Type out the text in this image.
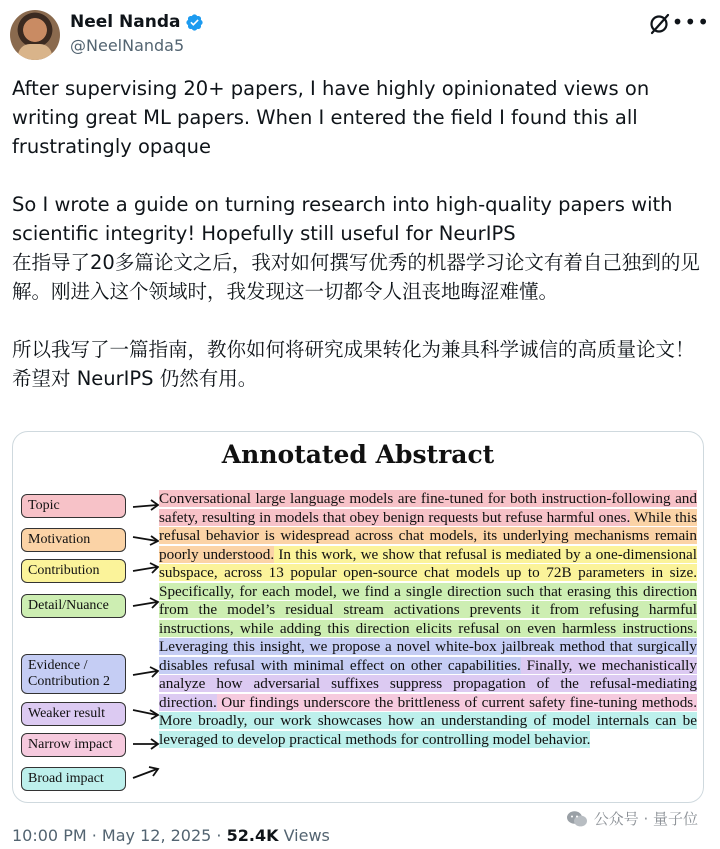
Neel Nanda
@NeelNanda5
•••

After supervising 20+ papers, I have highly opinionated views on writing great ML papers. When I entered the field I found this all frustratingly opaque

So I wrote a guide on turning research into high-quality papers with scientific integrity! Hopefully still useful for NeurIPS

在指导了20多篇论文之后，我对如何撰写优秀的机器学习论文有着自己独到的见解。刚进入这个领域时，我发现这一切都令人沮丧地晦涩难懂。

所以我写了一篇指南，教你如何将研究成果转化为兼具科学诚信的高质量论文！希望对 NeurIPS 仍然有用。

Annotated Abstract
Topic
Motivation
Contribution
Detail/Nuance
Evidence / Contribution 2
Weaker result
Narrow impact
Broad impact
Conversational large language models are fine-tuned for both instruction-following and safety, resulting in models that obey benign requests but refuse harmful ones. While this refusal behavior is widespread across chat models, its underlying mechanisms remain poorly understood. In this work, we show that refusal is mediated by a one-dimensional subspace, across 13 popular open-source chat models up to 72B parameters in size. Specifically, for each model, we find a single direction such that erasing this direction from the model’s residual stream activations prevents it from refusing harmful instructions, while adding this direction elicits refusal on even harmless instructions. Leveraging this insight, we propose a novel white-box jailbreak method that surgically disables refusal with minimal effect on other capabilities. Finally, we mechanistically analyze how adversarial suffixes suppress propagation of the refusal-mediating direction. Our findings underscore the brittleness of current safety fine-tuning methods. More broadly, our work showcases how an understanding of model internals can be leveraged to develop practical methods for controlling model behavior.
公众号 · 量子位
10:00 PM · May 12, 2025 · 52.4K Views
